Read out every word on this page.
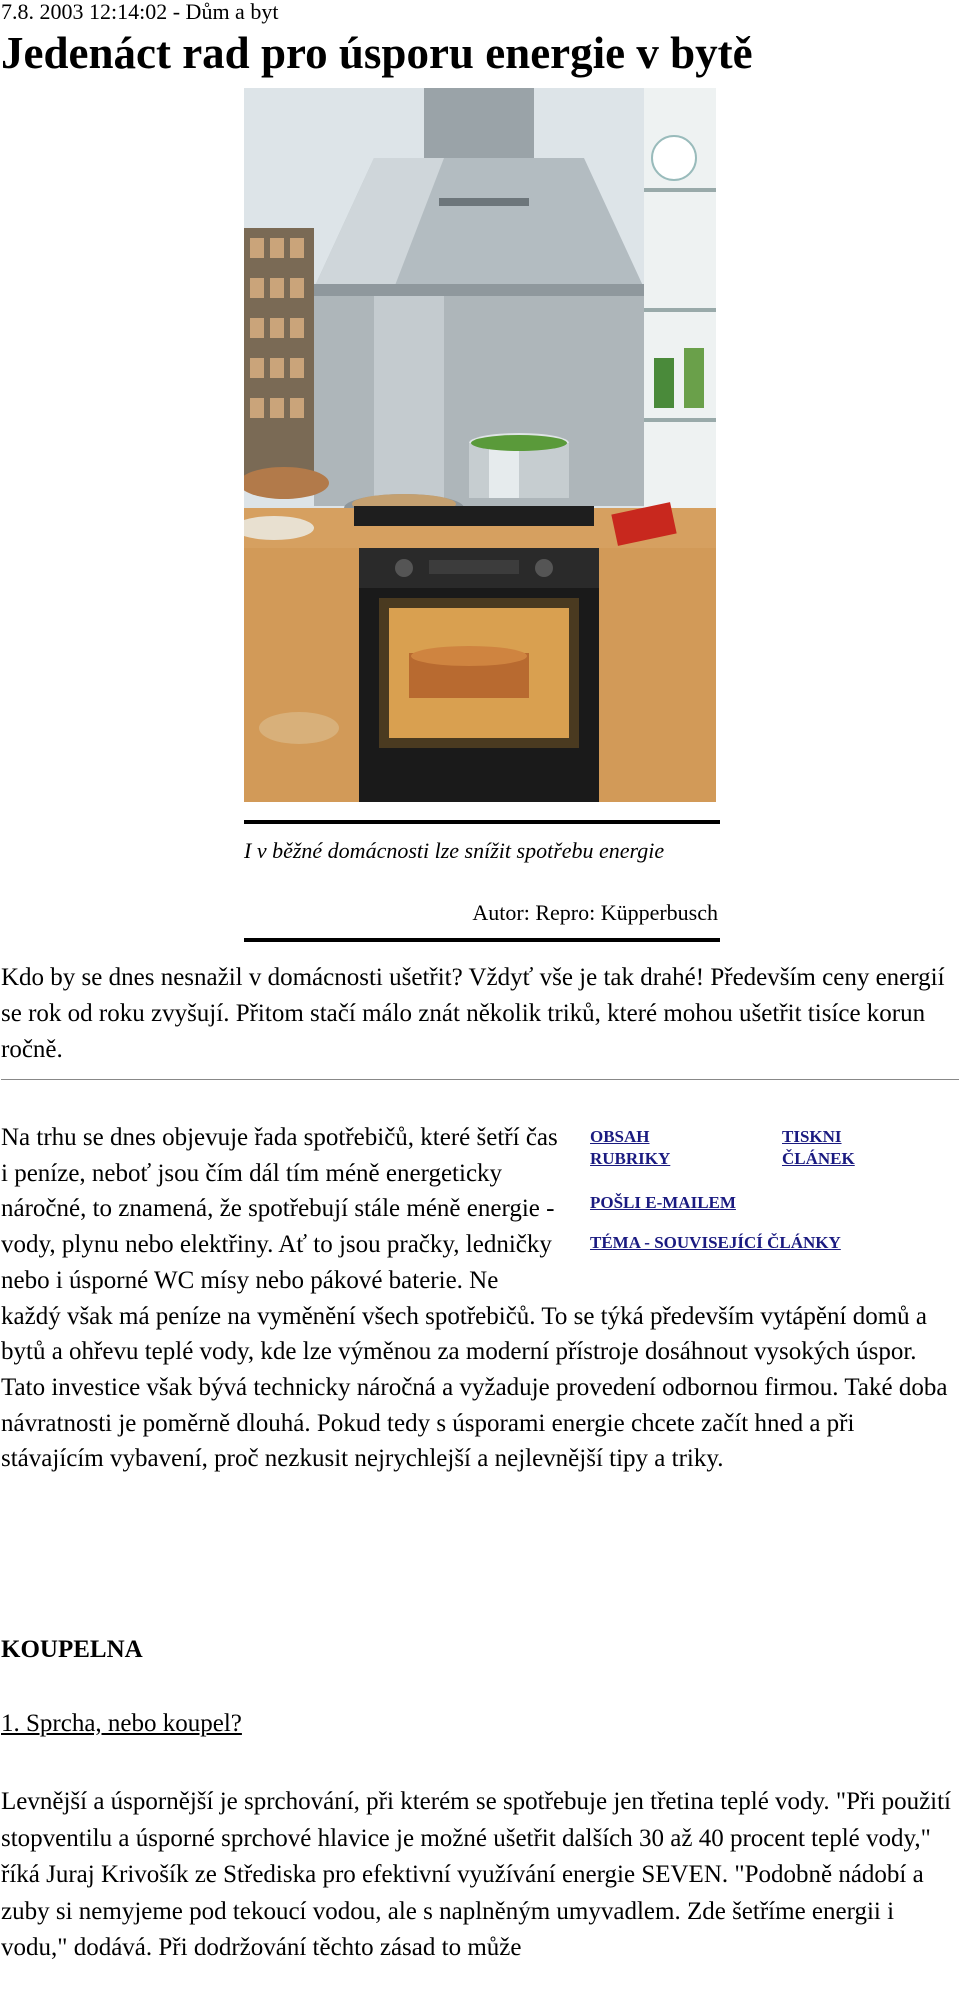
7.8. 2003 12:14:02 - Dům a byt
Jedenáct rad pro úsporu energie v bytě
I v běžné domácnosti lze snížit spotřebu energie
Autor: Repro: Küpperbusch

Kdo by se dnes nesnažil v domácnosti ušetřit? Vždyť vše je tak drahé! Především ceny energií se rok od roku zvyšují. Přitom stačí málo znát několik triků, které mohou ušetřit tisíce korun ročně.

OBSAH RUBRIKY
TISKNI ČLÁNEK
POŠLI E-MAILEM
TÉMA - SOUVISEJÍCÍ ČLÁNKY
Na trhu se dnes objevuje řada spotřebičů, které šetří čas i peníze, neboť jsou čím dál tím méně energeticky náročné, to znamená, že spotřebují stále méně energie - vody, plynu nebo elektřiny. Ať to jsou pračky, ledničky nebo i úsporné WC mísy nebo pákové baterie. Ne každý však má peníze na vyměnění všech spotřebičů. To se týká především vytápění domů a bytů a ohřevu teplé vody, kde lze výměnou za moderní přístroje dosáhnout vysokých úspor. Tato investice však bývá technicky náročná a vyžaduje provedení odbornou firmou. Také doba návratnosti je poměrně dlouhá. Pokud tedy s úsporami energie chcete začít hned a při stávajícím vybavení, proč nezkusit nejrychlejší a nejlevnější tipy a triky.
KOUPELNA
1. Sprcha, nebo koupel?

Levnější a úspornější je sprchování, při kterém se spotřebuje jen třetina teplé vody. "Při použití stopventilu a úsporné sprchové hlavice je možné ušetřit dalších 30 až 40 procent teplé vody," říká Juraj Krivošík ze Střediska pro efektivní využívání energie SEVEN. "Podobně nádobí a zuby si nemyjeme pod tekoucí vodou, ale s naplněným umyvadlem. Zde šetříme energii i vodu," dodává. Při dodržování těchto zásad to může
